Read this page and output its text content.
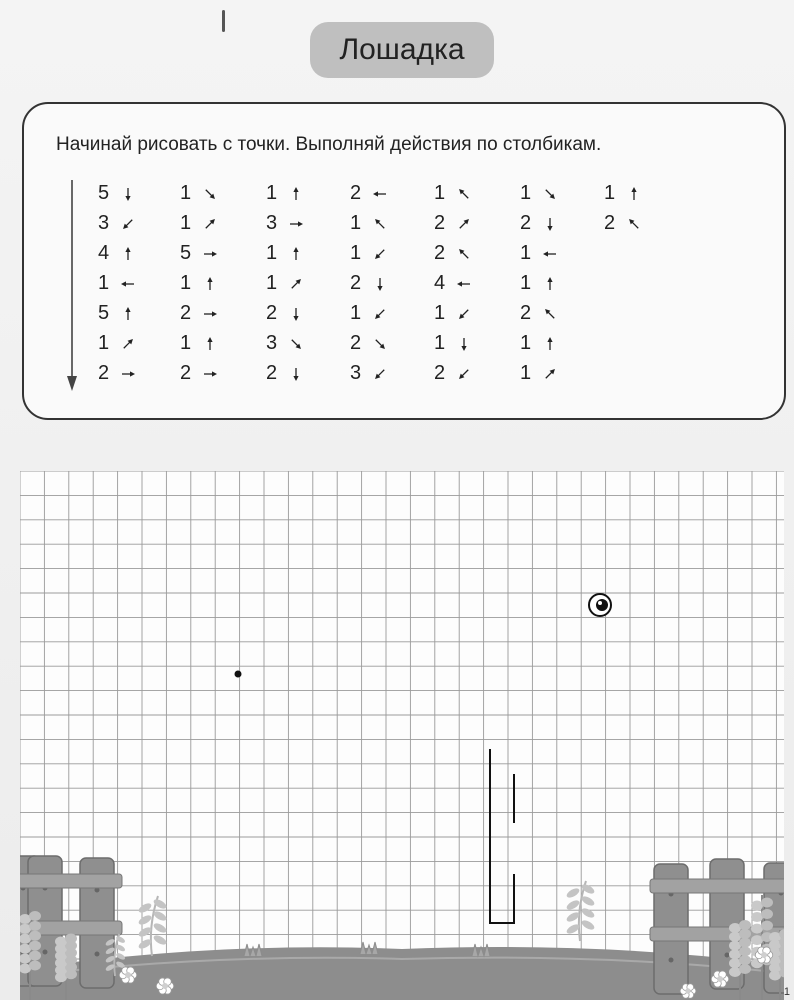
Лошадка
Начинай рисовать с точки. Выполняй действия по столбикам.
5
3
4
1
5
1
2
1
1
5
1
2
1
2
1
3
1
1
2
3
2
2
1
1
2
1
2
3
1
2
2
4
1
1
2
1
2
1
1
2
1
1
1
2
1
